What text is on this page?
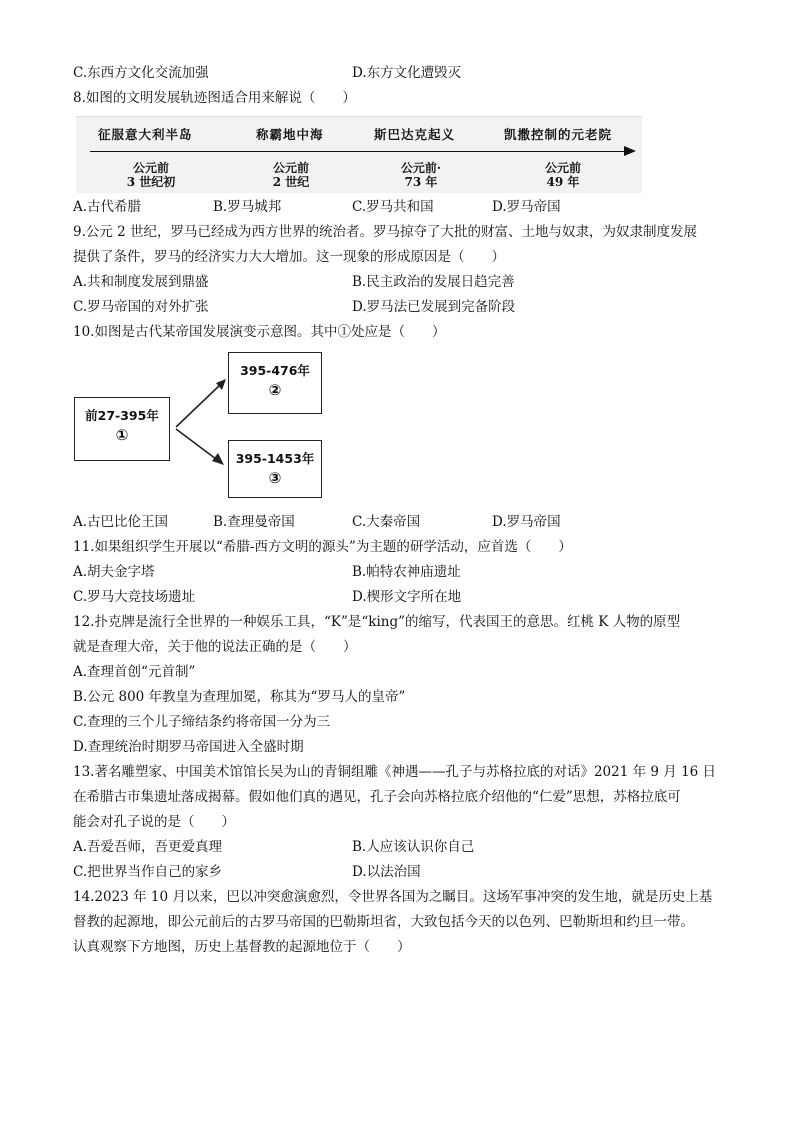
C.东西方文化交流加强	D.东方文化遭毁灭
8.如图的文明发展轨迹图适合用来解说（　　）
征服意大利半岛	称霸地中海	斯巴达克起义	凯撒控制的元老院
公元前
3 世纪初
公元前
2 世纪
公元前·
73 年
公元前
49 年
A.古代希腊	B.罗马城邦	C.罗马共和国	D.罗马帝国
9.公元 2 世纪，罗马已经成为西方世界的统治者。罗马掠夺了大批的财富、土地与奴隶，为奴隶制度发展
提供了条件，罗马的经济实力大大增加。这一现象的形成原因是（　　）
A.共和制度发展到鼎盛	B.民主政治的发展日趋完善
C.罗马帝国的对外扩张	D.罗马法已发展到完备阶段
10.如图是古代某帝国发展演变示意图。其中①处应是（　　）
前27-395年
①
395-476年
②
395-1453年
③
A.古巴比伦王国	B.查理曼帝国	C.大秦帝国	D.罗马帝国
11.如果组织学生开展以“希腊-西方文明的源头”为主题的研学活动，应首选（　　）
A.胡夫金字塔	B.帕特农神庙遗址
C.罗马大竞技场遗址	D.楔形文字所在地
12.扑克牌是流行全世界的一种娱乐工具，“K”是“king”的缩写，代表国王的意思。红桃 K 人物的原型
就是查理大帝，关于他的说法正确的是（　　）
A.查理首创“元首制”
B.公元 800 年教皇为查理加冕，称其为“罗马人的皇帝”
C.查理的三个儿子缔结条约将帝国一分为三
D.查理统治时期罗马帝国进入全盛时期
13.著名雕塑家、中国美术馆馆长吴为山的青铜组雕《神遇——孔子与苏格拉底的对话》2021 年 9 月 16 日
在希腊古市集遗址落成揭幕。假如他们真的遇见，孔子会向苏格拉底介绍他的“仁爱”思想，苏格拉底可
能会对孔子说的是（　　）
A.吾爱吾师，吾更爱真理	B.人应该认识你自己
C.把世界当作自己的家乡	D.以法治国
14.2023 年 10 月以来，巴以冲突愈演愈烈，令世界各国为之瞩目。这场军事冲突的发生地，就是历史上基
督教的起源地，即公元前后的古罗马帝国的巴勒斯坦省，大致包括今天的以色列、巴勒斯坦和约旦一带。
认真观察下方地图，历史上基督教的起源地位于（　　）
